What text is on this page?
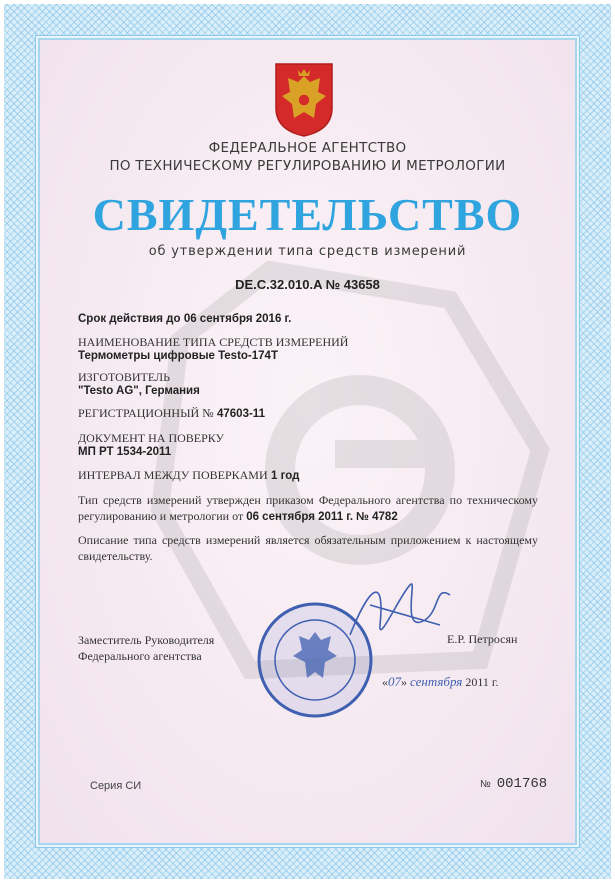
ФЕДЕРАЛЬНОЕ АГЕНТСТВО
ПО ТЕХНИЧЕСКОМУ РЕГУЛИРОВАНИЮ И МЕТРОЛОГИИ
СВИДЕТЕЛЬСТВО
об утверждении типа средств измерений
DE.C.32.010.A № 43658
Срок действия до 06 сентября 2016 г.
НАИМЕНОВАНИЕ ТИПА СРЕДСТВ ИЗМЕРЕНИЙ
Термометры цифровые Testo-174T
ИЗГОТОВИТЕЛЬ
"Testo AG", Германия
РЕГИСТРАЦИОННЫЙ № 47603-11
ДОКУМЕНТ НА ПОВЕРКУ
МП РТ 1534-2011
ИНТЕРВАЛ МЕЖДУ ПОВЕРКАМИ 1 год
Тип средств измерений утвержден приказом Федерального агентства по техническому регулированию и метрологии от 06 сентября 2011 г. № 4782
Описание типа средств измерений является обязательным приложением к настоящему свидетельству.
Заместитель Руководителя
Федерального агентства
Е.Р. Петросян
«07» сентября 2011 г.
Серия СИ	№ 001768
